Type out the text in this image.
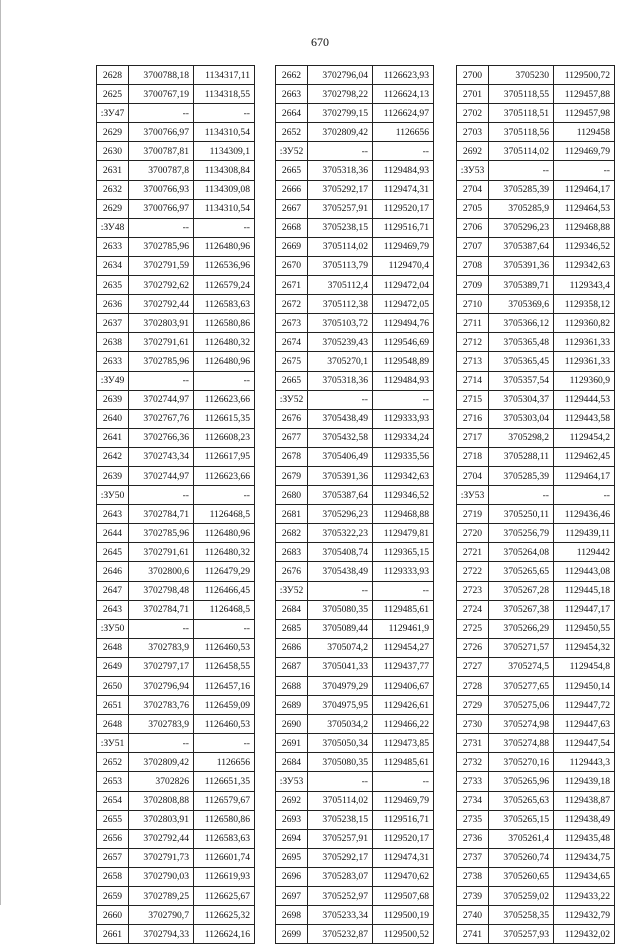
670
2628	3700788,18	1134317,11
2625	3700767,19	1134318,55
:ЗУ47	--	--
2629	3700766,97	1134310,54
2630	3700787,81	1134309,1
2631	3700787,8	1134308,84
2632	3700766,93	1134309,08
2629	3700766,97	1134310,54
:ЗУ48	--	--
2633	3702785,96	1126480,96
2634	3702791,59	1126536,96
2635	3702792,62	1126579,24
2636	3702792,44	1126583,63
2637	3702803,91	1126580,86
2638	3702791,61	1126480,32
2633	3702785,96	1126480,96
:ЗУ49	--	--
2639	3702744,97	1126623,66
2640	3702767,76	1126615,35
2641	3702766,36	1126608,23
2642	3702743,34	1126617,95
2639	3702744,97	1126623,66
:ЗУ50	--	--
2643	3702784,71	1126468,5
2644	3702785,96	1126480,96
2645	3702791,61	1126480,32
2646	3702800,6	1126479,29
2647	3702798,48	1126466,45
2643	3702784,71	1126468,5
:ЗУ50	--	--
2648	3702783,9	1126460,53
2649	3702797,17	1126458,55
2650	3702796,94	1126457,16
2651	3702783,76	1126459,09
2648	3702783,9	1126460,53
:ЗУ51	--	--
2652	3702809,42	1126656
2653	3702826	1126651,35
2654	3702808,88	1126579,67
2655	3702803,91	1126580,86
2656	3702792,44	1126583,63
2657	3702791,73	1126601,74
2658	3702790,03	1126619,93
2659	3702789,25	1126625,67
2660	3702790,7	1126625,32
2661	3702794,33	1126624,16
2662	3702796,04	1126623,93
2663	3702798,22	1126624,13
2664	3702799,15	1126624,97
2652	3702809,42	1126656
:ЗУ52	--	--
2665	3705318,36	1129484,93
2666	3705292,17	1129474,31
2667	3705257,91	1129520,17
2668	3705238,15	1129516,71
2669	3705114,02	1129469,79
2670	3705113,79	1129470,4
2671	3705112,4	1129472,04
2672	3705112,38	1129472,05
2673	3705103,72	1129494,76
2674	3705239,43	1129546,69
2675	3705270,1	1129548,89
2665	3705318,36	1129484,93
:ЗУ52	--	--
2676	3705438,49	1129333,93
2677	3705432,58	1129334,24
2678	3705406,49	1129335,56
2679	3705391,36	1129342,63
2680	3705387,64	1129346,52
2681	3705296,23	1129468,88
2682	3705322,23	1129479,81
2683	3705408,74	1129365,15
2676	3705438,49	1129333,93
:ЗУ52	--	--
2684	3705080,35	1129485,61
2685	3705089,44	1129461,9
2686	3705074,2	1129454,27
2687	3705041,33	1129437,77
2688	3704979,29	1129406,67
2689	3704975,95	1129426,61
2690	3705034,2	1129466,22
2691	3705050,34	1129473,85
2684	3705080,35	1129485,61
:ЗУ53	--	--
2692	3705114,02	1129469,79
2693	3705238,15	1129516,71
2694	3705257,91	1129520,17
2695	3705292,17	1129474,31
2696	3705283,07	1129470,62
2697	3705252,97	1129507,68
2698	3705233,34	1129500,19
2699	3705232,87	1129500,52
2700	3705230	1129500,72
2701	3705118,55	1129457,88
2702	3705118,51	1129457,98
2703	3705118,56	1129458
2692	3705114,02	1129469,79
:ЗУ53	--	--
2704	3705285,39	1129464,17
2705	3705285,9	1129464,53
2706	3705296,23	1129468,88
2707	3705387,64	1129346,52
2708	3705391,36	1129342,63
2709	3705389,71	1129343,4
2710	3705369,6	1129358,12
2711	3705366,12	1129360,82
2712	3705365,48	1129361,33
2713	3705365,45	1129361,33
2714	3705357,54	1129360,9
2715	3705304,37	1129444,53
2716	3705303,04	1129443,58
2717	3705298,2	1129454,2
2718	3705288,11	1129462,45
2704	3705285,39	1129464,17
:ЗУ53	--	--
2719	3705250,11	1129436,46
2720	3705256,79	1129439,11
2721	3705264,08	1129442
2722	3705265,65	1129443,08
2723	3705267,28	1129445,18
2724	3705267,38	1129447,17
2725	3705266,29	1129450,55
2726	3705271,57	1129454,32
2727	3705274,5	1129454,8
2728	3705277,65	1129450,14
2729	3705275,06	1129447,72
2730	3705274,98	1129447,63
2731	3705274,88	1129447,54
2732	3705270,16	1129443,3
2733	3705265,96	1129439,18
2734	3705265,63	1129438,87
2735	3705265,15	1129438,49
2736	3705261,4	1129435,48
2737	3705260,74	1129434,75
2738	3705260,65	1129434,65
2739	3705259,02	1129433,22
2740	3705258,35	1129432,79
2741	3705257,93	1129432,02
